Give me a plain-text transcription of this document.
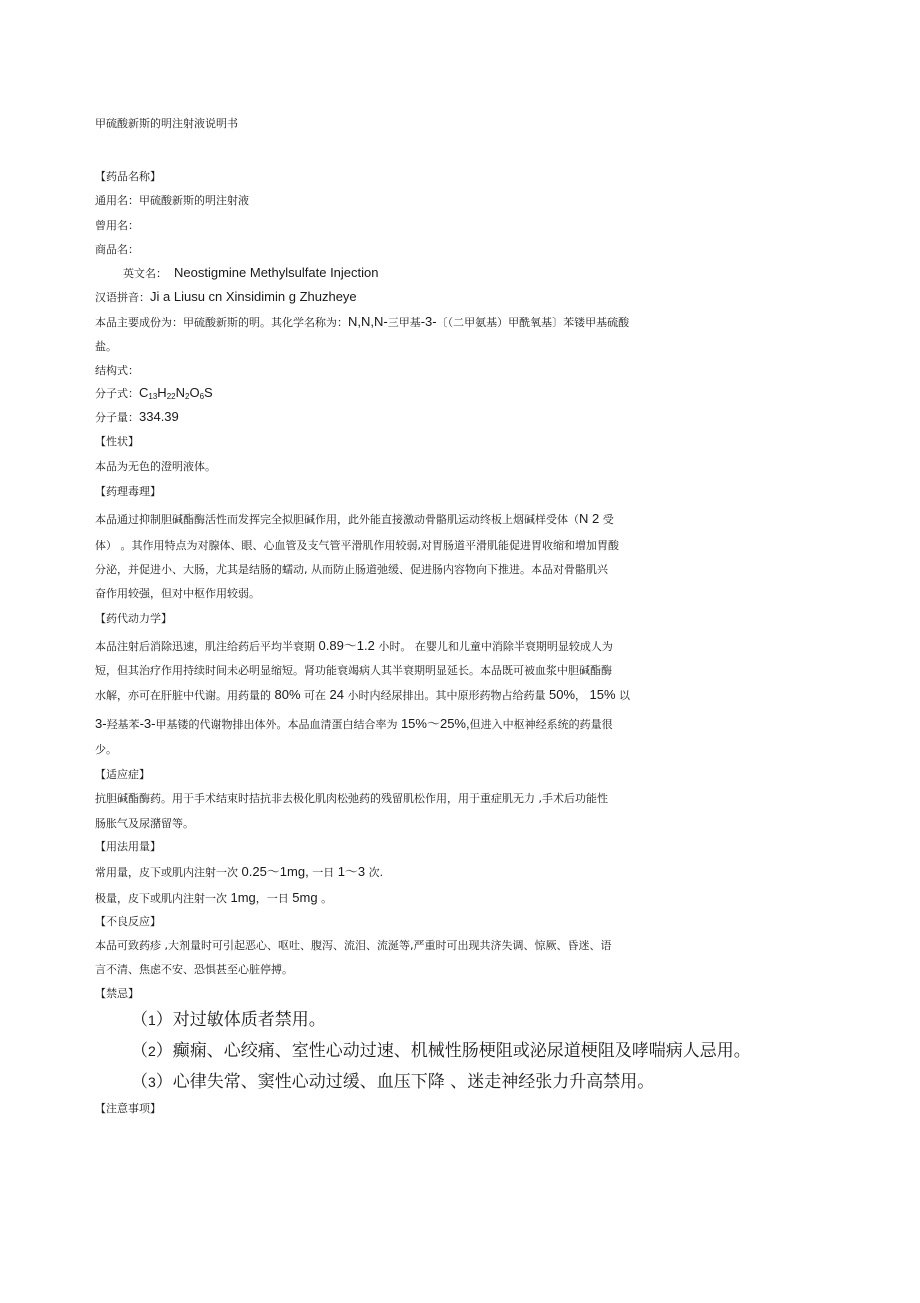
甲硫酸新斯的明注射液说明书
【药品名称】
通用名：甲硫酸新斯的明注射液
曾用名：
商品名：
英文名： Neostigmine Methylsulfate Injection
汉语拼音：Ji a Liusu cn Xinsidimin g Zhuzheye
本品主要成份为：甲硫酸新斯的明。其化学名称为：N,N,N-三甲基-3-〔（二甲氨基）甲酰氧基〕苯镂甲基硫酸
盐。
结构式：
分子式：$C_{13}H_{22}N_2O_6S$
分子量：334.39
【性状】
本品为无色的澄明液体。
【药理毒理】
本品通过抑制胆碱酯酶活性而发挥完全拟胆碱作用，此外能直接激动骨骼肌运动终板上烟碱样受体（N 2 受
体） 。其作用特点为对腺体、眼、心血管及支气管平滑肌作用较弱,对胃肠道平滑肌能促进胃收缩和增加胃酸
分泌，并促进小、大肠，尤其是结肠的蠕动, 从而防止肠道弛缓、促进肠内容物向下推进。本品对骨骼肌兴
奋作用较强，但对中枢作用较弱。
【药代动力学】
本品注射后消除迅速，肌注给药后平均半衰期 0.89～1.2 小时。 在婴儿和儿童中消除半衰期明显较成人为
短，但其治疗作用持续时间未必明显缩短。肾功能衰竭病人其半衰期明显延长。本品既可被血浆中胆碱酯酶
水解，亦可在肝脏中代谢。用药量的 80% 可在 24 小时内经尿排出。其中原形药物占给药量 50%， 15% 以
3-羟基苯-3-甲基镂的代谢物排出体外。本品血清蛋白结合率为 15%～25%,但进入中枢神经系统的药量很
少。
【适应症】
抗胆碱酯酶药。用于手术结束时拮抗非去极化肌肉松弛药的残留肌松作用，用于重症肌无力 ,手术后功能性
肠胀气及尿潴留等。
【用法用量】
常用量，皮下或肌内注射一次 0.25～1mg, 一日 1～3 次.
极量，皮下或肌内注射一次 1mg，一日 5mg 。
【不良反应】
本品可致药疹 ,大剂量时可引起恶心、呕吐、腹泻、流泪、流涎等,严重时可出现共济失调、惊厥、昏迷、语
言不清、焦虑不安、恐惧甚至心脏停搏。
【禁忌】
（1）对过敏体质者禁用。
（2）癫痫、心绞痛、室性心动过速、机械性肠梗阻或泌尿道梗阻及哮喘病人忌用。
（3）心律失常、窦性心动过缓、血压下降 、迷走神经张力升高禁用。
【注意事项】
